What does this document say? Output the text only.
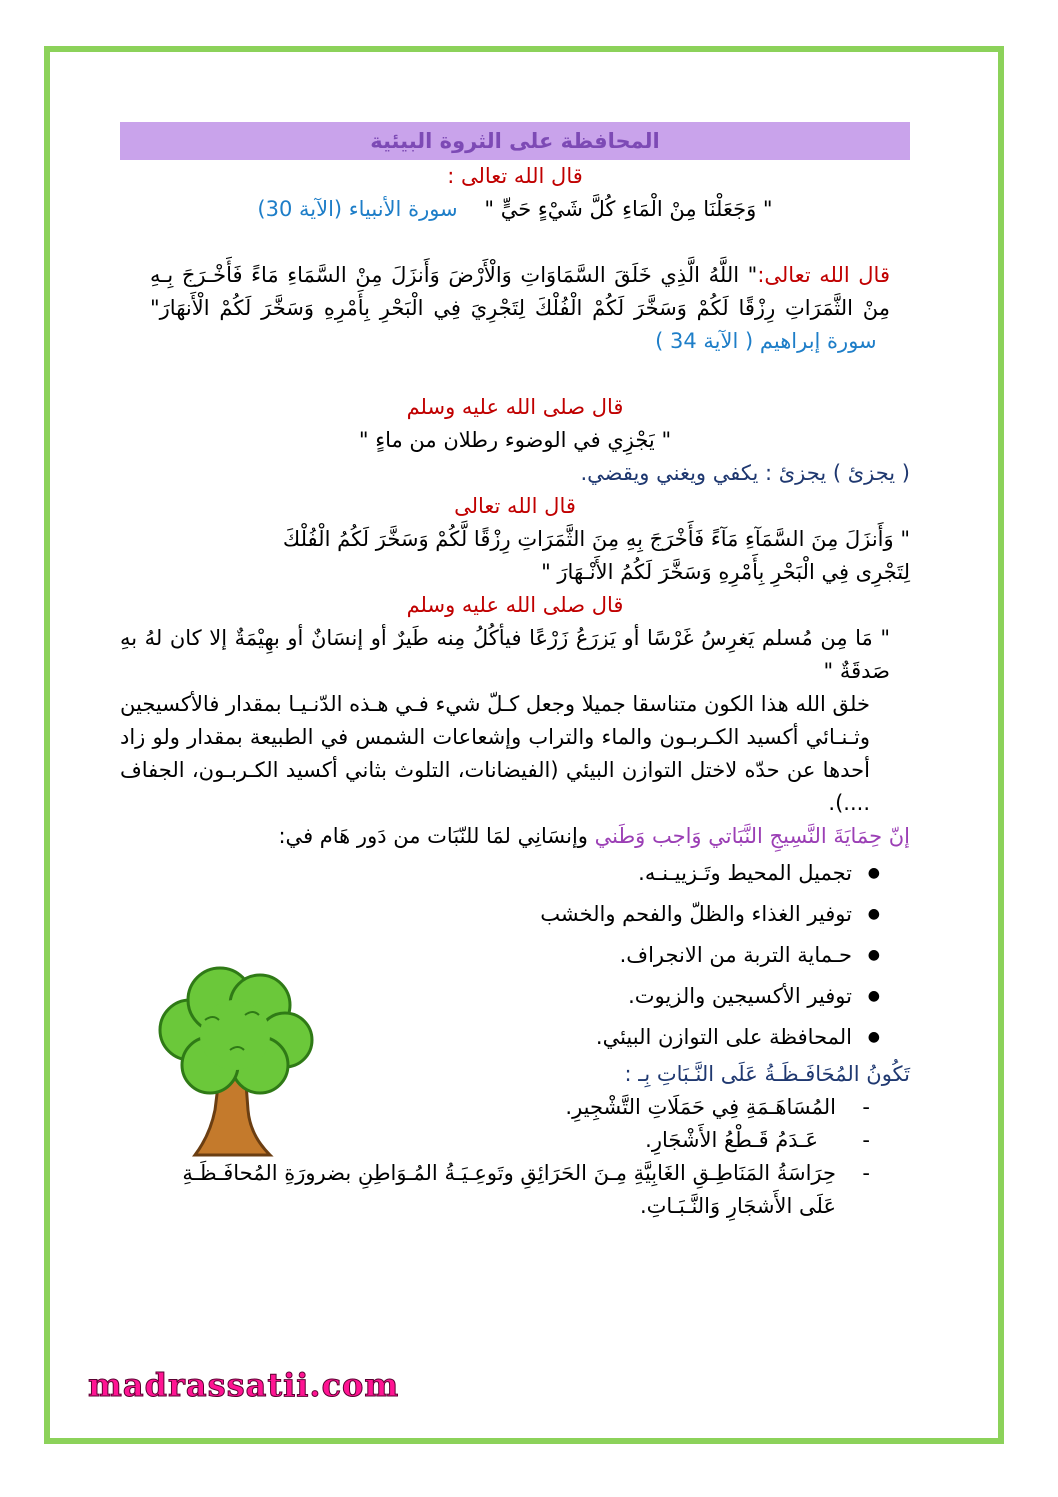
المحافظة على الثروة البيئية
قال الله تعالى :
" وَجَعَلْنَا مِنْ الْمَاءِ كُلَّ شَيْءٍ حَيٍّ "    سورة الأنبياء (الآية 30)
قال الله تعالى:" اللَّهُ الَّذِي خَلَقَ السَّمَاوَاتِ وَالْأَرْضَ وَأَنزَلَ مِنْ السَّمَاءِ مَاءً فَأَخْـرَجَ بِـهِ مِنْ الثَّمَرَاتِ رِزْقًا لَكُمْ وَسَخَّرَ لَكُمْ الْفُلْكَ لِتَجْرِيَ فِي الْبَحْرِ بِأَمْرِهِ وَسَخَّرَ لَكُمْ الْأَنهَارَ"   سورة إبراهيم ( الآية 34 )
قال صلى الله عليه وسلم
" يَجْزِي في الوضوء رطلان من ماءٍ "
( يجزئ ) يجزئ : يكفي ويغني ويقضي.
قال الله تعالى
" وَأَنزَلَ مِنَ السَّمَآءِ مَآءً فَأَخْرَجَ بِهِ مِنَ الثَّمَرَاتِ رِزْقًا لَّكُمْ وَسَخَّرَ لَكُمُ الْفُلْكَ
لِتَجْرِى فِي الْبَحْرِ بِأَمْرِهِ وَسَخَّرَ لَكُمُ الأَنْـهَارَ "
قال صلى الله عليه وسلم
" مَا مِن مُسلم يَغرِسُ غَرْسًا أو يَزرَعُ زَرْعًا فيأكُلُ مِنه طَيرٌ أو إنسَانٌ أو بهِيْمَةٌ إلا كان لهُ بهِ صَدقَةٌ "
خلق الله هذا الكون متناسقا جميلا وجعل كـلّ شيء فـي هـذه الدّنـيـا بمقدار فالأكسيجين وثـنـائي أكسيد الكـربـون والماء والتراب وإشعاعات الشمس في الطبيعة بمقدار ولو زاد أحدها عن حدّه لاختل التوازن البيئي (الفيضانات، التلوث بثاني أكسيد الكـربـون، الجفاف ....).
إنّ حِمَايَةَ النَّسِيجِ النَّبَاتي وَاجب وَطَني وإنسَانِي لمَا للنّبَات من دَور هَام في:
● تجميل المحيط وتَـزييـنـه.
● توفير الغذاء والظلّ والفحم والخشب
● حـماية التربة من الانجراف.
● توفير الأكسيجين والزيوت.
● المحافظة على التوازن البيئي.
تَكُونُ المُحَافَـظَـةُ عَلَى النَّـبَاتِ بِـ :
- المُسَاهَـمَةِ فِي حَمَلَاتِ التَّشْجِيرِ.
- عَـدَمُ قَـطْعُ الأَشْجَارِ.
- حِرَاسَةُ المَنَاطِـقِ الغَابِيَّةِ مِـنَ الحَرَائِقِ وتَوعِـيَـةُ المُـوَاطِنِ بضرورَةِ المُحافَـظَـةِ عَلَى الأَشجَارِ وَالنَّـبَـاتِ.
madrassatii.com
